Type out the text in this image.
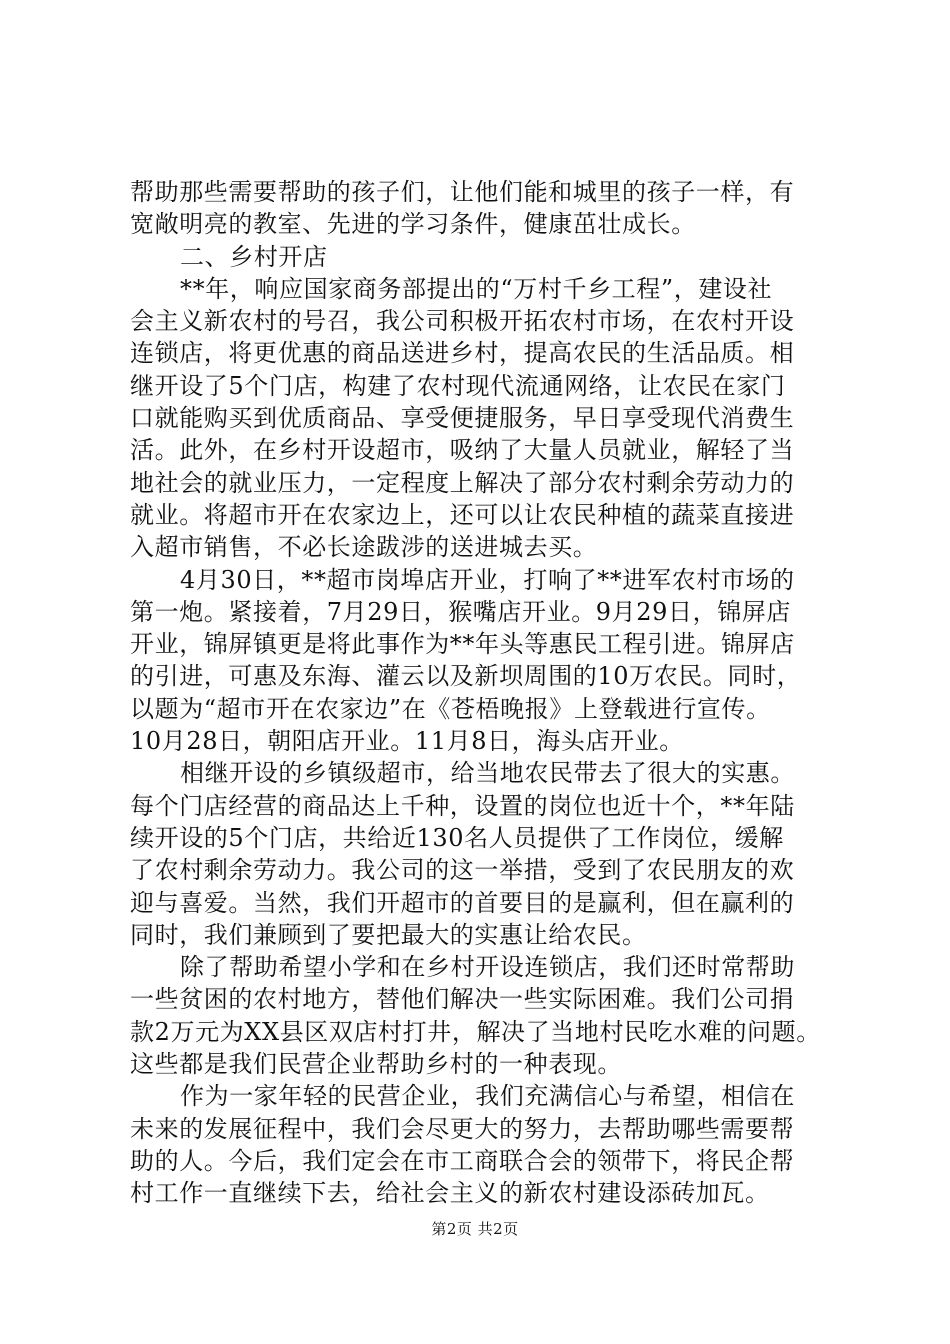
帮助那些需要帮助的孩子们，让他们能和城里的孩子一样，有
宽敞明亮的教室、先进的学习条件，健康茁壮成长。
二、乡村开店
**年，响应国家商务部提出的“万村千乡工程”，建设社
会主义新农村的号召，我公司积极开拓农村市场，在农村开设
连锁店，将更优惠的商品送进乡村，提高农民的生活品质。相
继开设了5个门店，构建了农村现代流通网络，让农民在家门
口就能购买到优质商品、享受便捷服务，早日享受现代消费生
活。此外，在乡村开设超市，吸纳了大量人员就业，解轻了当
地社会的就业压力，一定程度上解决了部分农村剩余劳动力的
就业。将超市开在农家边上，还可以让农民种植的蔬菜直接进
入超市销售，不必长途跋涉的送进城去买。
4月30日，**超市岗埠店开业，打响了**进军农村市场的
第一炮。紧接着，7月29日，猴嘴店开业。9月29日，锦屏店
开业，锦屏镇更是将此事作为**年头等惠民工程引进。锦屏店
的引进，可惠及东海、灌云以及新坝周围的10万农民。同时，
以题为“超市开在农家边”在《苍梧晚报》上登载进行宣传。
10月28日，朝阳店开业。11月8日，海头店开业。
相继开设的乡镇级超市，给当地农民带去了很大的实惠。
每个门店经营的商品达上千种，设置的岗位也近十个，**年陆
续开设的5个门店，共给近130名人员提供了工作岗位，缓解
了农村剩余劳动力。我公司的这一举措，受到了农民朋友的欢
迎与喜爱。当然，我们开超市的首要目的是赢利，但在赢利的
同时，我们兼顾到了要把最大的实惠让给农民。
除了帮助希望小学和在乡村开设连锁店，我们还时常帮助
一些贫困的农村地方，替他们解决一些实际困难。我们公司捐
款2万元为XX县区双店村打井，解决了当地村民吃水难的问题。
这些都是我们民营企业帮助乡村的一种表现。
作为一家年轻的民营企业，我们充满信心与希望，相信在
未来的发展征程中，我们会尽更大的努力，去帮助哪些需要帮
助的人。今后，我们定会在市工商联合会的领带下，将民企帮
村工作一直继续下去，给社会主义的新农村建设添砖加瓦。
第2页 共2页
